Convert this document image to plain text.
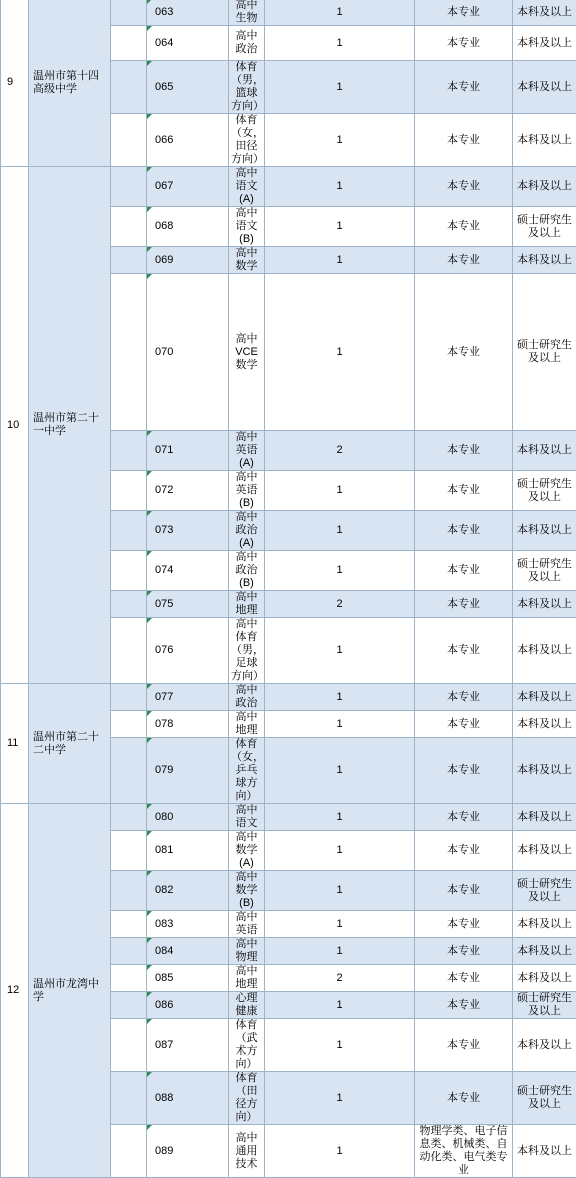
9	温州市第十四高级中学		063	高中生物	1	本专业	本科及以上	
			064	高中政治	1	本专业	本科及以上	
			065	体育（男，篮球方向）	1	本专业	本科及以上	
			066	体育（女，田径方向）	1	本专业	本科及以上	
10	温州市第二十一中学		067	高中语文(A)	1	本专业	本科及以上	
			068	高中语文(B)	1	本专业	硕士研究生及以上	
			069	高中数学	1	本专业	本科及以上	
			070	高中VCE数学	1	本专业	硕士研究生及以上	
			071	高中英语(A)	2	本专业	本科及以上	
			072	高中英语(B)	1	本专业	硕士研究生及以上	
			073	高中政治(A)	1	本专业	本科及以上	
			074	高中政治(B)	1	本专业	硕士研究生及以上	
			075	高中地理	2	本专业	本科及以上	
			076	高中体育（男，足球方向）	1	本专业	本科及以上	
11	温州市第二十二中学		077	高中政治	1	本专业	本科及以上	
			078	高中地理	1	本专业	本科及以上	
			079	体育（女，乒乓球方向）	1	本专业	本科及以上	
12	温州市龙湾中学		080	高中语文	1	本专业	本科及以上	
			081	高中数学(A)	1	本专业	本科及以上	
			082	高中数学(B)	1	本专业	硕士研究生及以上	
			083	高中英语	1	本专业	本科及以上	
			084	高中物理	1	本专业	本科及以上	
			085	高中地理	2	本专业	本科及以上	
			086	心理健康	1	本专业	硕士研究生及以上	
			087	体育（武术方向）	1	本专业	本科及以上	
			088	体育（田径方向）	1	本专业	硕士研究生及以上	
			089	高中通用技术	1	物理学类、电子信息类、机械类、自动化类、电气类专业	本科及以上	
